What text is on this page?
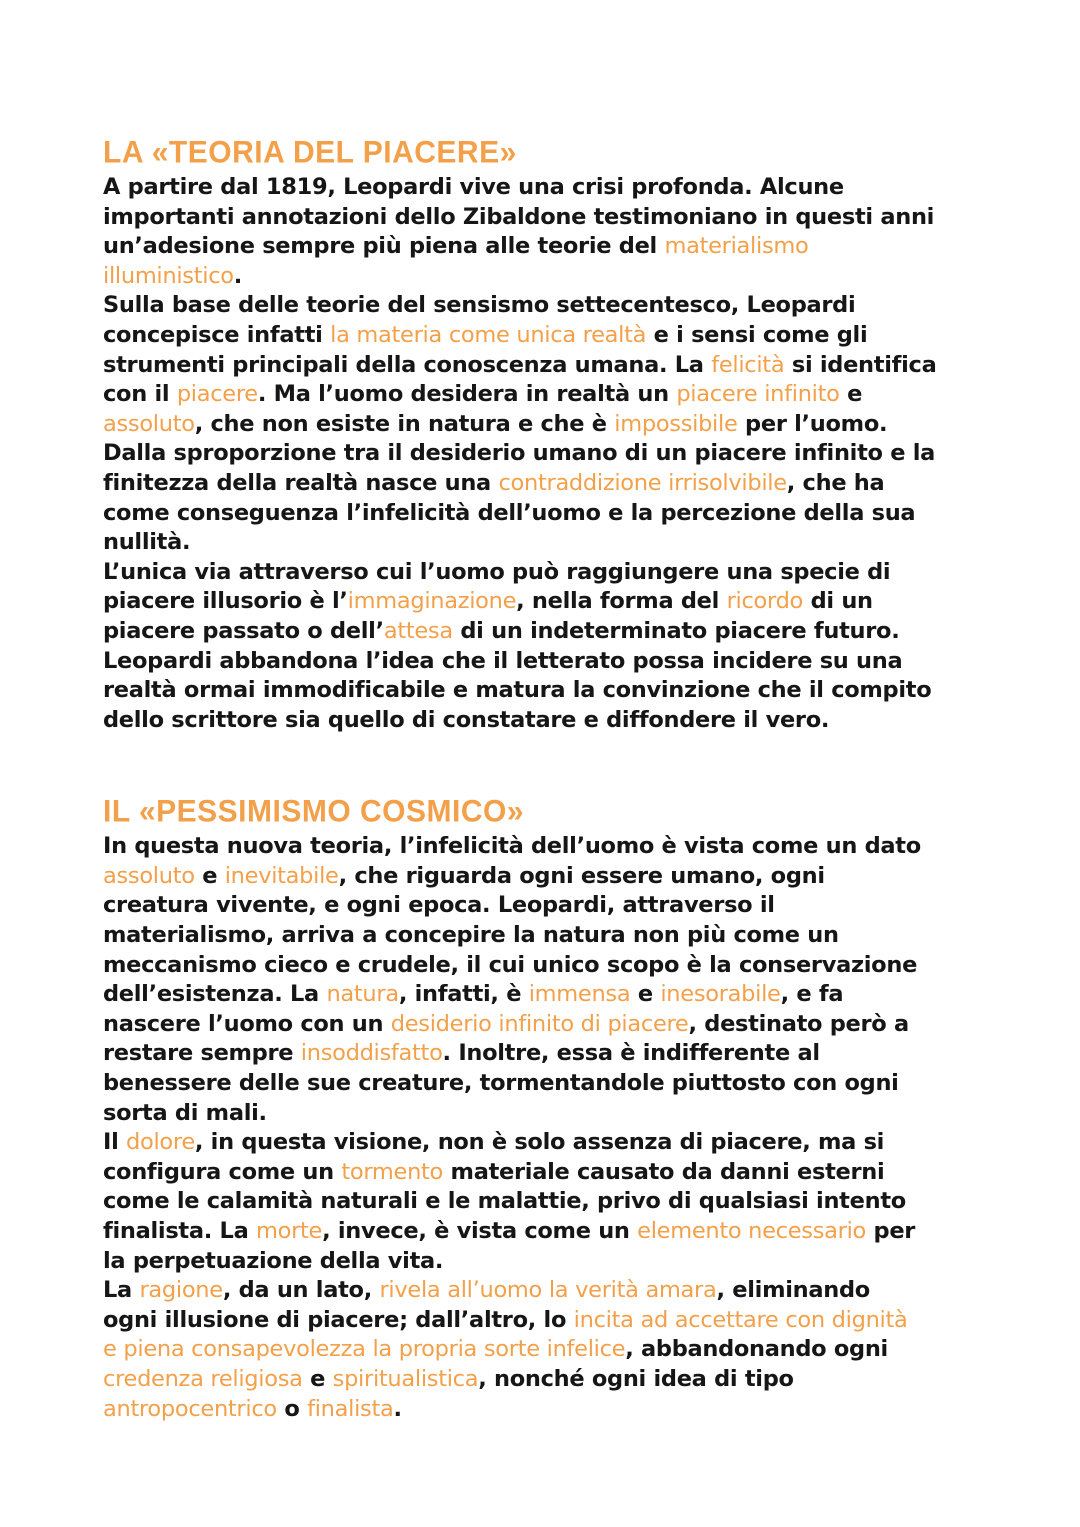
LA «TEORIA DEL PIACERE»

A partire dal 1819, Leopardi vive una crisi profonda. Alcune
importanti annotazioni dello Zibaldone testimoniano in questi anni
un’adesione sempre più piena alle teorie del materialismo
illuministico.

Sulla base delle teorie del sensismo settecentesco, Leopardi
concepisce infatti la materia come unica realtà e i sensi come gli
strumenti principali della conoscenza umana. La felicità si identifica
con il piacere. Ma l’uomo desidera in realtà un piacere infinito e
assoluto, che non esiste in natura e che è impossibile per l’uomo.
Dalla sproporzione tra il desiderio umano di un piacere infinito e la
finitezza della realtà nasce una contraddizione irrisolvibile, che ha
come conseguenza l’infelicità dell’uomo e la percezione della sua
nullità.

L’unica via attraverso cui l’uomo può raggiungere una specie di
piacere illusorio è l’immaginazione, nella forma del ricordo di un
piacere passato o dell’attesa di un indeterminato piacere futuro.
Leopardi abbandona l’idea che il letterato possa incidere su una
realtà ormai immodificabile e matura la convinzione che il compito
dello scrittore sia quello di constatare e diffondere il vero.

IL «PESSIMISMO COSMICO»

In questa nuova teoria, l’infelicità dell’uomo è vista come un dato
assoluto e inevitabile, che riguarda ogni essere umano, ogni
creatura vivente, e ogni epoca. Leopardi, attraverso il
materialismo, arriva a concepire la natura non più come un
meccanismo cieco e crudele, il cui unico scopo è la conservazione
dell’esistenza. La natura, infatti, è immensa e inesorabile, e fa
nascere l’uomo con un desiderio infinito di piacere, destinato però a
restare sempre insoddisfatto. Inoltre, essa è indifferente al
benessere delle sue creature, tormentandole piuttosto con ogni
sorta di mali.

Il dolore, in questa visione, non è solo assenza di piacere, ma si
configura come un tormento materiale causato da danni esterni
come le calamità naturali e le malattie, privo di qualsiasi intento
finalista. La morte, invece, è vista come un elemento necessario per
la perpetuazione della vita.

La ragione, da un lato, rivela all’uomo la verità amara, eliminando
ogni illusione di piacere; dall’altro, lo incita ad accettare con dignità
e piena consapevolezza la propria sorte infelice, abbandonando ogni
credenza religiosa e spiritualistica, nonché ogni idea di tipo
antropocentrico o finalista.
